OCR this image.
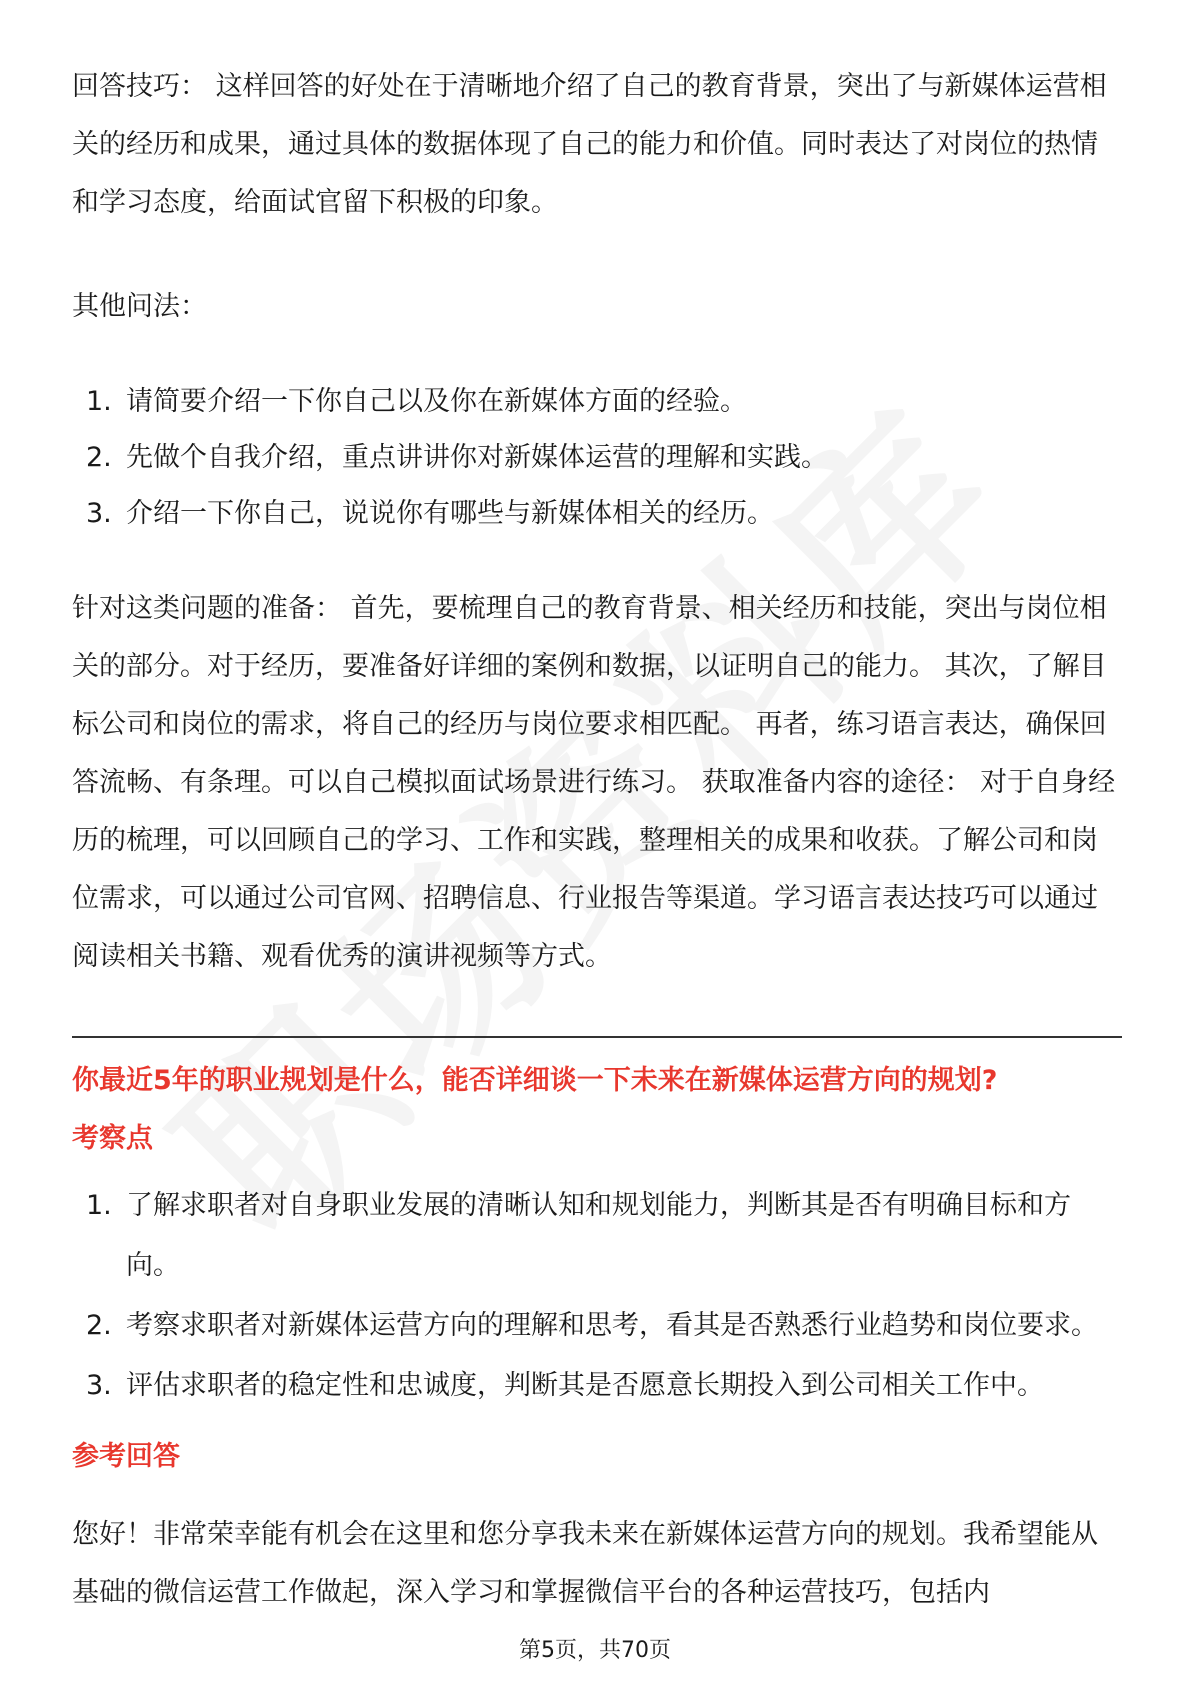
回答技巧： 这样回答的好处在于清晰地介绍了自己的教育背景，突出了与新媒体运营相关的经历和成果，通过具体的数据体现了自己的能力和价值。同时表达了对岗位的热情和学习态度，给面试官留下积极的印象。

其他问法：

1. 请简要介绍一下你自己以及你在新媒体方面的经验。
2. 先做个自我介绍，重点讲讲你对新媒体运营的理解和实践。
3. 介绍一下你自己，说说你有哪些与新媒体相关的经历。

针对这类问题的准备： 首先，要梳理自己的教育背景、相关经历和技能，突出与岗位相关的部分。对于经历，要准备好详细的案例和数据，以证明自己的能力。 其次，了解目标公司和岗位的需求，将自己的经历与岗位要求相匹配。 再者，练习语言表达，确保回答流畅、有条理。可以自己模拟面试场景进行练习。 获取准备内容的途径： 对于自身经历的梳理，可以回顾自己的学习、工作和实践，整理相关的成果和收获。了解公司和岗位需求，可以通过公司官网、招聘信息、行业报告等渠道。学习语言表达技巧可以通过阅读相关书籍、观看优秀的演讲视频等方式。

你最近5年的职业规划是什么，能否详细谈一下未来在新媒体运营方向的规划?

考察点

1. 了解求职者对自身职业发展的清晰认知和规划能力，判断其是否有明确目标和方向。
2. 考察求职者对新媒体运营方向的理解和思考，看其是否熟悉行业趋势和岗位要求。
3. 评估求职者的稳定性和忠诚度，判断其是否愿意长期投入到公司相关工作中。

参考回答

您好！非常荣幸能有机会在这里和您分享我未来在新媒体运营方向的规划。我希望能从基础的微信运营工作做起，深入学习和掌握微信平台的各种运营技巧，包括内

第5页，共70页
